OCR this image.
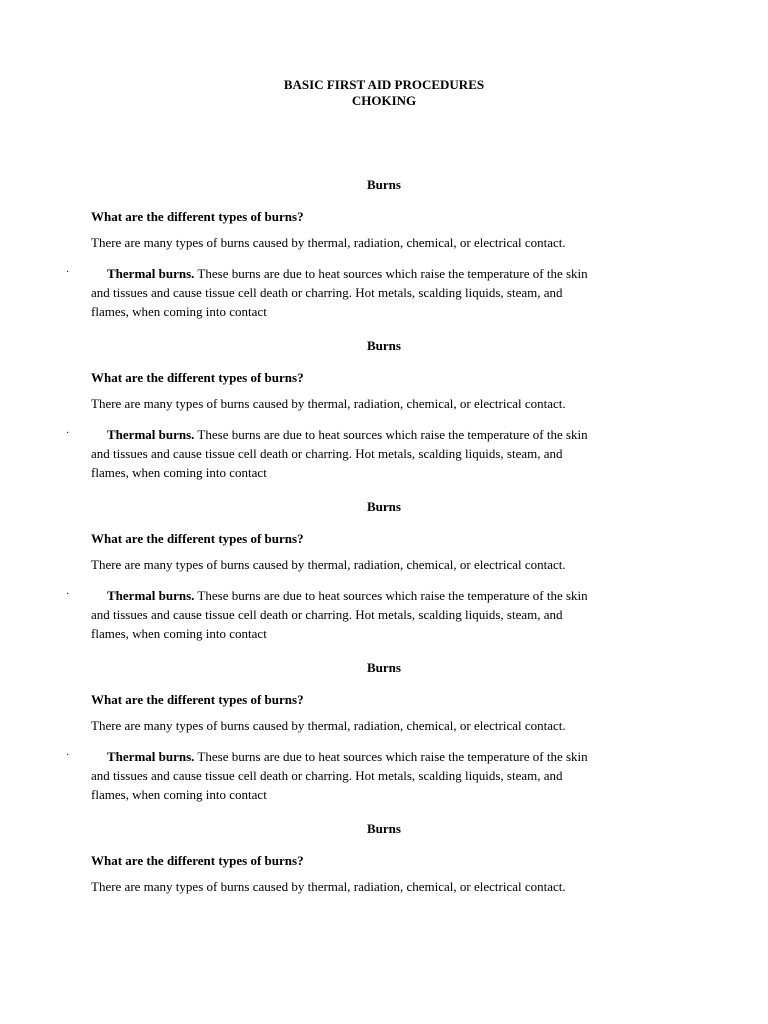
BASIC FIRST AID PROCEDURES
CHOKING
Burns
What are the different types of burns?
There are many types of burns caused by thermal, radiation, chemical, or electrical contact.
·	Thermal burns. These burns are due to heat sources which raise the temperature of the skin
and tissues and cause tissue cell death or charring. Hot metals, scalding liquids, steam, and
flames, when coming into contact
Burns
What are the different types of burns?
There are many types of burns caused by thermal, radiation, chemical, or electrical contact.
·	Thermal burns. These burns are due to heat sources which raise the temperature of the skin
and tissues and cause tissue cell death or charring. Hot metals, scalding liquids, steam, and
flames, when coming into contact
Burns
What are the different types of burns?
There are many types of burns caused by thermal, radiation, chemical, or electrical contact.
·	Thermal burns. These burns are due to heat sources which raise the temperature of the skin
and tissues and cause tissue cell death or charring. Hot metals, scalding liquids, steam, and
flames, when coming into contact
Burns
What are the different types of burns?
There are many types of burns caused by thermal, radiation, chemical, or electrical contact.
·	Thermal burns. These burns are due to heat sources which raise the temperature of the skin
and tissues and cause tissue cell death or charring. Hot metals, scalding liquids, steam, and
flames, when coming into contact
Burns
What are the different types of burns?
There are many types of burns caused by thermal, radiation, chemical, or electrical contact.
